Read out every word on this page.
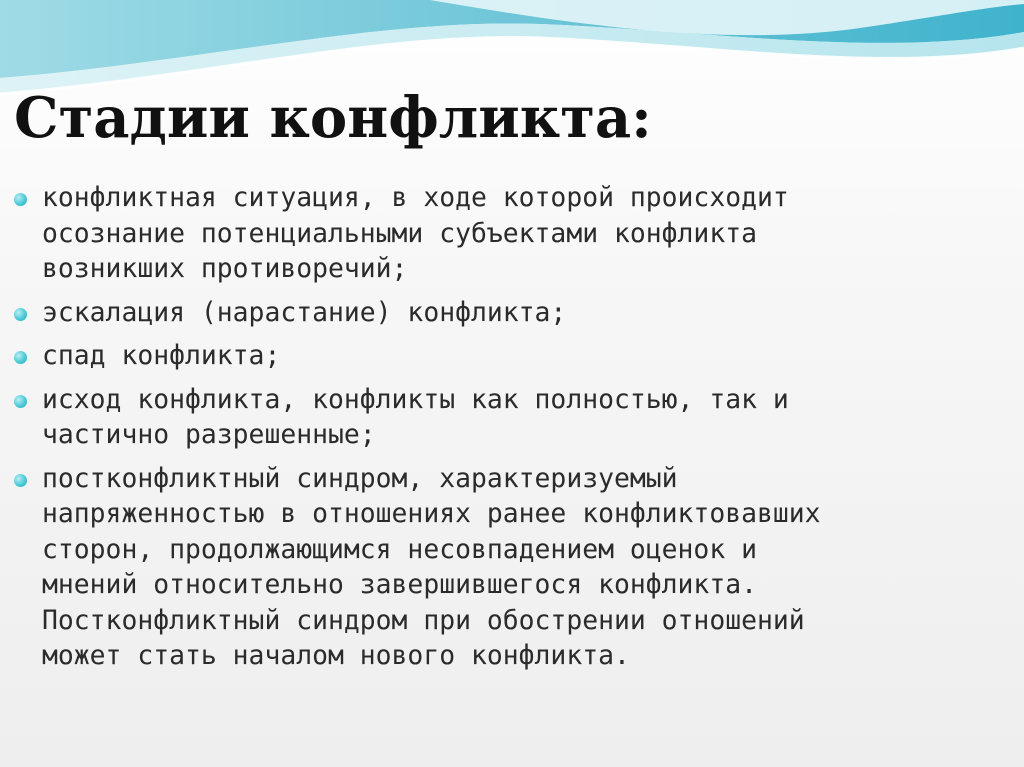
Стадии конфликта:
конфликтная ситуация, в ходе которой происходит
осознание потенциальными субъектами конфликта
возникших противоречий;
эскалация (нарастание) конфликта;
спад конфликта;
исход конфликта, конфликты как полностью, так и
частично разрешенные;
постконфликтный синдром, характеризуемый
напряженностью в отношениях ранее конфликтовавших
сторон, продолжающимся несовпадением оценок и
мнений относительно завершившегося конфликта.
Постконфликтный синдром при обострении отношений
может стать началом нового конфликта.
